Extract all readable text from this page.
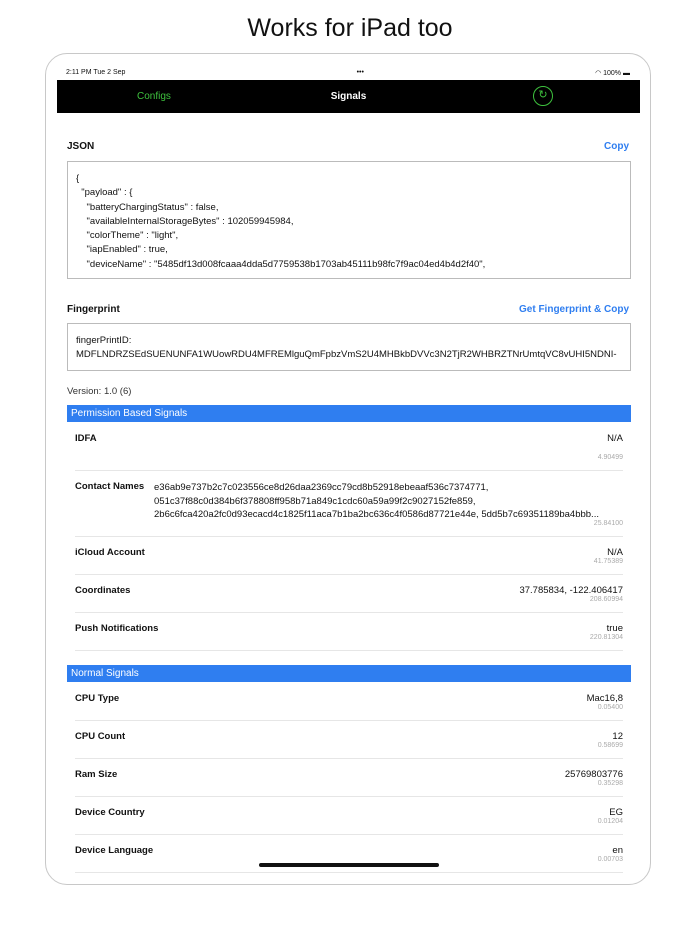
Works for iPad too
2:11 PM Tue 2 Sep	•••	◠ 100% ▬
Configs	Signals	↻
JSON	Copy
{
"payload" : {
"batteryChargingStatus" : false,
"availableInternalStorageBytes" : 102059945984,
"colorTheme" : "light",
"iapEnabled" : true,
"deviceName" : "5485df13d008fcaaa4dda5d7759538b1703ab45111b98fc7f9ac04ed4b4d2f40",
Fingerprint	Get Fingerprint & Copy
fingerPrintID:
MDFLNDRZSEdSUENUNFA1WUowRDU4MFREMlguQmFpbzVmS2U4MHBkbDVVc3N2TjR2WHBRZTNrUmtqVC8vUHI5NDNI-
Version: 1.0 (6)
Permission Based Signals
Normal Signals
IDFA	N/A
4.90499
Contact Names e36ab9e737b2c7c023556ce8d26daa2369cc79cd8b52918ebeaaf536c7374771,
051c37f88c0d384b6f378808ff958b71a849c1cdc60a59a99f2c9027152fe859,
2b6c6fca420a2fc0d93ecacd4c1825f11aca7b1ba2bc636c4f0586d87721e44e, 5dd5b7c69351189ba4bbb...
25.84100
iCloud Account	N/A
41.75389
Coordinates	37.785834, -122.406417
208.60994
Push Notifications	true
220.81304
CPU Type	Mac16,8
0.05400
CPU Count	12
0.58699
Ram Size	25769803776
0.35298
Device Country	EG
0.01204
Device Language	en
0.00703
